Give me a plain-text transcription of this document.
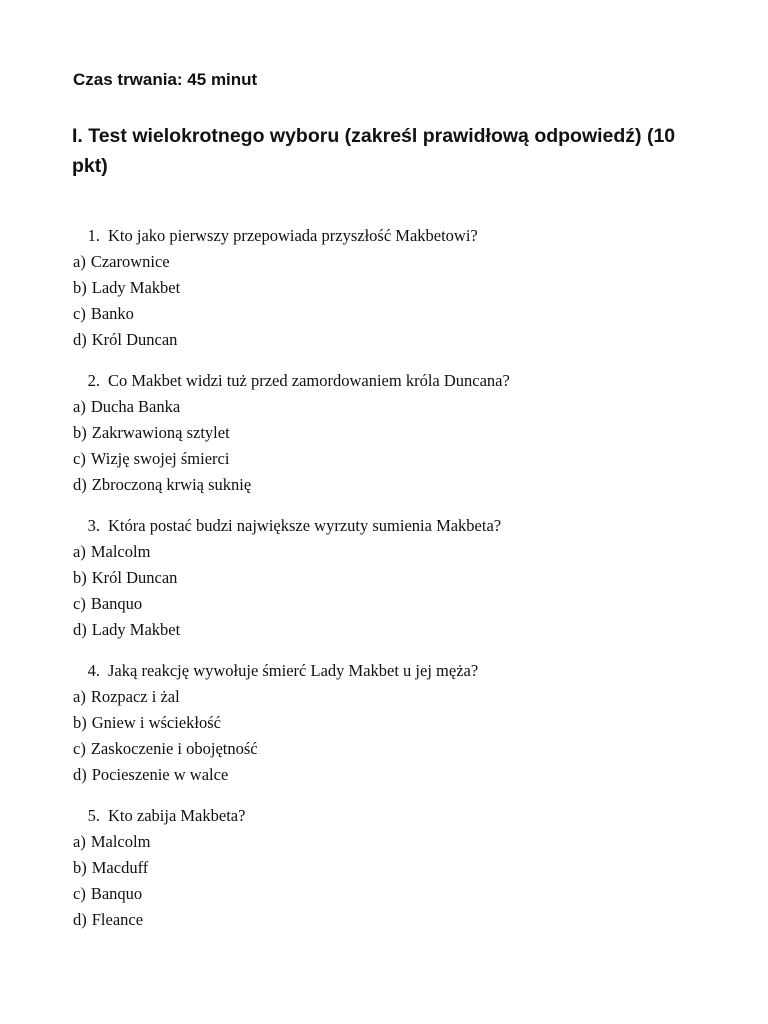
Czas trwania: 45 minut

I. Test wielokrotnego wyboru (zakreśl prawidłową odpowiedź) (10 pkt)

1. Kto jako pierwszy przepowiada przyszłość Makbetowi?
a) Czarownice
b) Lady Makbet
c) Banko
d) Król Duncan
2. Co Makbet widzi tuż przed zamordowaniem króla Duncana?
a) Ducha Banka
b) Zakrwawioną sztylet
c) Wizję swojej śmierci
d) Zbroczoną krwią suknię
3. Która postać budzi największe wyrzuty sumienia Makbeta?
a) Malcolm
b) Król Duncan
c) Banquo
d) Lady Makbet
4. Jaką reakcję wywołuje śmierć Lady Makbet u jej męża?
a) Rozpacz i żal
b) Gniew i wściekłość
c) Zaskoczenie i obojętność
d) Pocieszenie w walce
5. Kto zabija Makbeta?
a) Malcolm
b) Macduff
c) Banquo
d) Fleance
